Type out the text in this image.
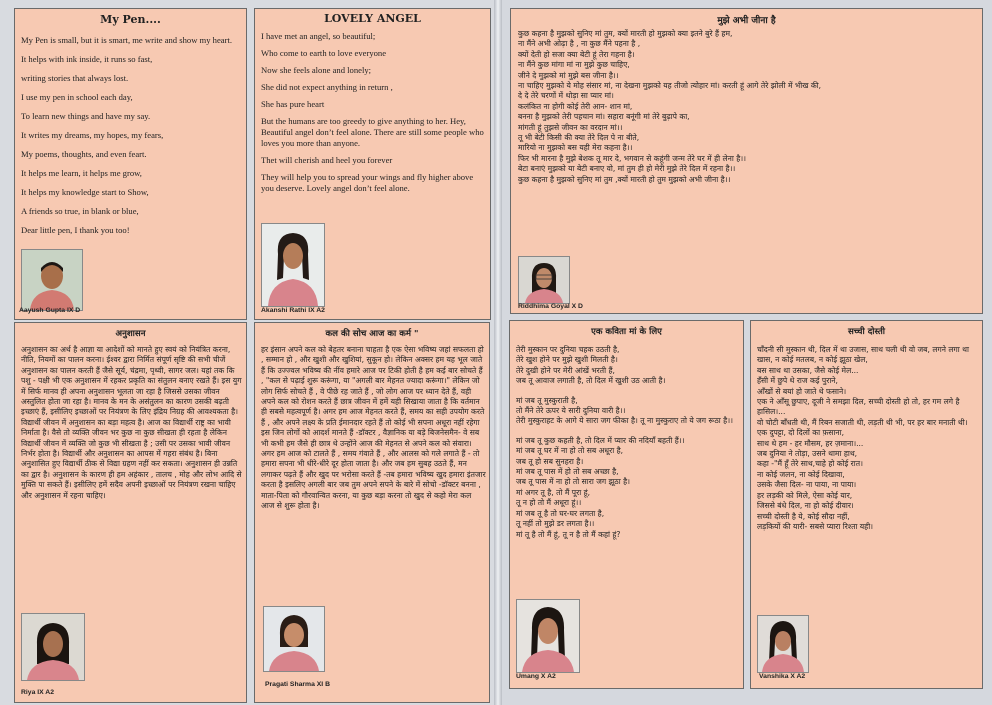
My Pen....

My Pen is small, but it is smart, me write and show my heart.

It helps with ink inside, it runs so fast,

writing stories that always lost.

I use my pen in school each day,

To learn new things and have my say.

It writes my dreams, my hopes, my fears,

My poems, thoughts, and even feart.

It helps me learn, it helps me grow,

It helps my knowledge start to Show,

A friends so true, in blank or blue,

Dear little pen, I thank you too!

Aayush Gupta IX D
LOVELY ANGEL

I have met an angel, so beautiful;

Who come to earth to love everyone

Now she feels alone and lonely;

She did not expect anything in return ,

She has pure heart

But the humans are too greedy to give anything to her. Hey, Beautiful angel don’t feel alone. There are still some people who loves you more than anyone.

Thet will cherish and heel you forever

They will help you to spread your wings and fly higher above you deserve. Lovely angel don’t feel alone.

Akanshi Rathi IX A2
मुझे अभी जीना है

कुछ कहना है मुझको सुनिए मां तुम, क्यों मारती हो मुझको क्या इतने बुरे हैं हम,

ना मैंने अभी ओढ़ा है , ना कुछ मैंने पहना है ,

क्यों देती हो सजा क्या बेटी हूं तेरा गहना है।

ना मैंने कुछ मांगा मां ना मुझे कुछ चाहिए,

जीने दे मुझको मां मुझे बस जीना है।।

ना चाहिए मुझको ये मोह संसार मां, ना देखना मुझको यह तीजो त्योहार मां। करती हूं आगे तेरे झोली में भीख की,

दे दे तेरे चरणों में थोड़ा सा प्यार मां।

कलंकित ना होगी कोई तेरी आन- शान मां,

बनना है मुझको तेरी पहचान मां। सहारा बनूंगी मां तेरे बुढ़ापे का,

मांगती हूं तुझसे जीवन का वरदान मां।।

तू भी बेटी किसी की क्या तेरे दिल पे ना बीते,

मारियो ना मुझको बस यही मेरा कहना है।।

फिर भी मारना है मुझे बेशक तू मार दे, भगवान से कहूंगी जन्म तेरे घर में ही लेना है।।

बेटा बनाएं मुझको या बेटी बनाए वो, मां तुम ही हो मेरी मुझे तेरे दिल में रहना है।।

कुछ कहना है मुझको सुनिए मां तुम ,क्यों मारती हो तुम मुझको अभी जीना है।।

Riddhima Goyal X D
अनुशासन

अनुशासन का अर्थ है आज्ञा या आदेशों को मानते हुए स्वयं को नियंत्रित करना, नीति, नियमों का पालन करना। ईश्वर द्वारा निर्मित संपूर्ण सृष्टि की सभी चीजें अनुशासन का पालन करती हैं जैसे सूर्य, चंद्रमा, पृथ्वी, सागर जल। यहां तक कि पशु - पक्षी भी एक अनुशासन में रहकर प्रकृति का संतुलन बनाए रखते हैं। इस युग में सिर्फ मानव ही अपना अनुशासन भूलता जा रहा है जिससे उसका जीवन अस्तुलित होता जा रहा है। मानव के मन के असंतुलन का कारण उसकी बढ़ती इच्छाएं हैं, इसीलिए इच्छाओं पर नियंत्रण के लिए इंद्रिय निग्रह की आवश्यकता है। विद्यार्थी जीवन में अनुशासन का बड़ा महत्व है। आज का विद्यार्थी राष्ट्र का भावी निर्माता है। वैसे तो व्यक्ति जीवन भर कुछ ना कुछ सीखता ही रहता है लेकिन विद्यार्थी जीवन में व्यक्ति जो कुछ भी सीखता है ; उसी पर उसका भावी जीवन निर्भर होता है। विद्यार्थी और अनुशासन का आपस में गहरा संबंध है। बिना अनुशासित हुए विद्यार्थी ठीक से विद्या ग्रहण नहीं कर सकता। अनुशासन ही उन्नति का द्वार है। अनुशासन के कारण ही हम अहंकार , तालच , मोह और लोभ आदि से मुक्ति पा सकते हैं। इसीलिए हमें सदैव अपनी इच्छाओं पर नियंत्रण रखना चाहिए और अनुशासन में रहना चाहिए।

Riya IX A2
कल की सोच आज का कर्म "

हर इंसान अपने कल को बेहतर बनाना चाहता है एक ऐसा भविष्य जहां सफलता हो , सम्मान हो , और खुशी और खुशियां, सुकून हो। लेकिन अक्सर हम यह भूल जाते हैं कि उज्ज्वल भविष्य की नींव हमारे आज पर टिकी होती है हम कई बार सोचते हैं , "कल से पढ़ाई शुरू करूंगा, या "अगली बार मेहनत ज्यादा करूंगा।" लेकिन जो लोग सिर्फ सोचते हैं , वे पीछे रह जाते हैं , जो लोग आज पर ध्यान देते हैं, वही अपने कल को रोशन करते हैं छात्र जीवन में हमें यही सिखाया जाता है कि वर्तमान ही सबसे महत्वपूर्ण है। अगर हम आज मेहनत करते हैं, समय का सही उपयोग करते हैं , और अपने लक्ष्य के प्रति ईमानदार रहते हैं तो कोई भी सपना अधूरा नहीं रहेगा इस जिन लोगों को आदर्श मानते हैं -डॉक्टर , वैज्ञानिक या बड़े बिजनेसमैन- वे सब भी कभी हम जैसे ही छात्र थे उन्होंने आज की मेहनत से अपने कल को संवारा। अगर हम आज को टालते हैं , समय गंवाते हैं , और आलस को गले लगाते हैं - तो हमारा सपना भी धीरे-धीरे दूर होता जाता है। और जब हम सुबह उठते हैं, मन लगाकर पढ़ते हैं और खुद पर भरोसा करते हैं -तब हमारा भविष्य खुद हमारा इंतजार करता है इसलिए अगली बार जब तुम अपने सपने के बारे में सोचो -डॉक्टर बनना , माता-पिता को गौरवान्वित करना, या कुछ बड़ा करना तो खुद से कहो मेरा कल आज से शुरू होता है।

Pragati Sharma XI B
एक कविता मां के लिए

तेरी मुस्कान पर दुनिया चहक उठती है,

तेरे खुश होने पर मुझे खुशी मिलती है।

तेरे दुखी होने पर मेरी आंखें भरती हैं,

जब तू आवाज लगाती है, तो दिल में खुशी उठ आती है।

मां जब तू मुस्कुराती है,

तो मैंने तेरे ऊपर ये सारी दुनिया वारी है।।

तेरी मुस्कुराहट के आगे ये सारा जग फीका है। तू ना मुस्कुराए तो ये जग रूठा है।।

मां जब तू कुछ कहती है, तो दिल में प्यार की नदियाँ बहती हैं।।

मां जब तू घर में ना हो तो सब अधूरा है,

जब तू हो सब सुनहरा है।

मां जब तू पास में हो तो सब अच्छा है,

जब तू पास में ना हो तो सारा जग झूठा है।

मां अगर तू है, तो मैं पूरा हूं,

तू न हो तो मैं अधूरा हूं।।

मां जब तू है तो घर-घर लगता है,

तू नहीं तो मुझे डर लगता है।।

मां तू है तो मैं हूं, तू न है तो मैं कहां हूं?

Umang X A2
सच्ची दोस्ती

चाँदनी सी मुस्कान थी, दिल में था उजास, साथ चली थी वो जब, लगने लगा था खास, न कोई मतलब, न कोई झूठा खेल,

बस साथ था उसका, जैसे कोई मेल...

हँसी में छुपे थे राज कई पुराने,

आँखों से बयां हो जाते थे फसाने।

एक ने आँसू छुपाए, दूजी ने समझा दिल, सच्ची दोस्ती हो तो, हर गम लगे है हासिल।...

वो चोटी बाँधती थी, मैं रिबन सजाती थी, लड़ती थी भी, पर हर बार मनाती थी।

एक दुपट्टा, दो दिलों का फ़साना,

साथ थे हम - हर मौसम, हर ज़माना।...

जब दुनिया ने तोड़ा, उसने थामा हाथ,

कहा -"मैं हूँ तेरे साथ,चाहे हो कोई रात।

ना कोई जलन, ना कोई दिखावा,

उसके जैसा दिल- ना पाया, ना पाया।

हर लड़की को मिले, ऐसा कोई यार,

जिससे बंधे दिल, ना हो कोई दीवार।

सच्ची दोस्ती है ये, कोई सौदा नहीं,

लड़कियों की यारी- सबसे प्यारा रिश्ता यही।

Vanshika X A2
